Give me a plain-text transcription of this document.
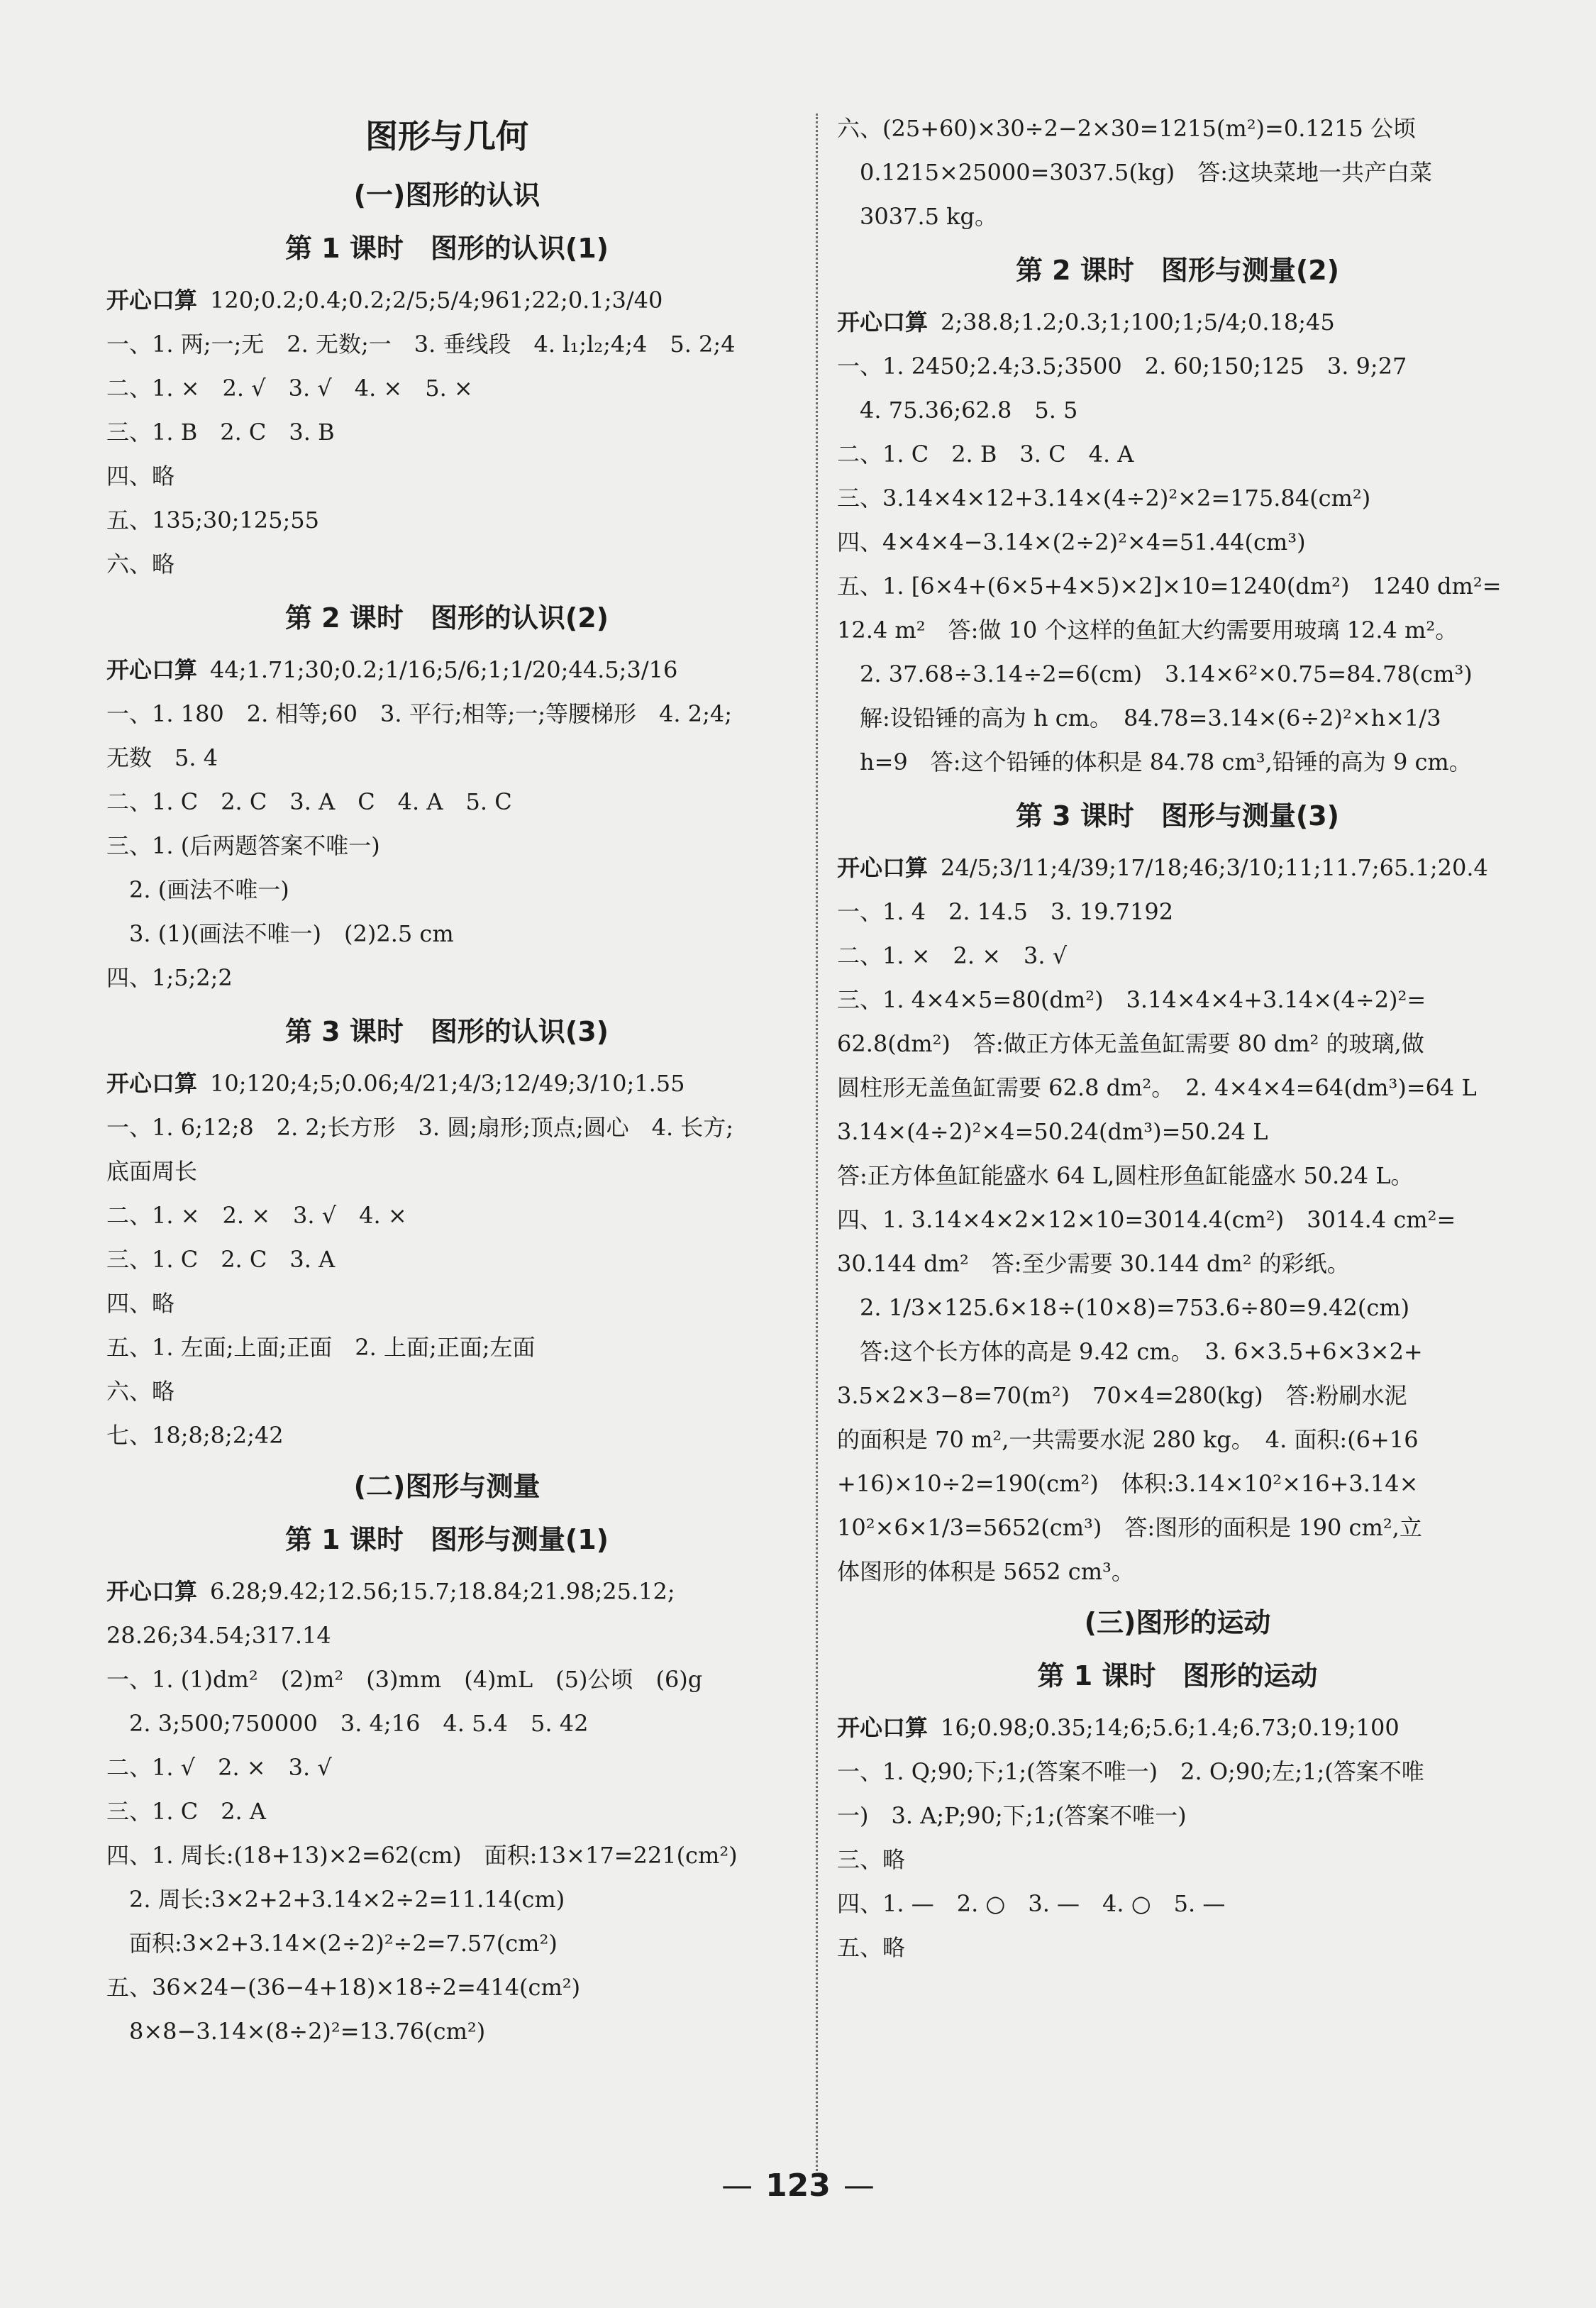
图形与几何
(一)图形的认识
第 1 课时　图形的认识(1)
开心口算 120;0.2;0.4;0.2;2/5;5/4;961;22;0.1;3/40
一、1. 两;一;无　2. 无数;一　3. 垂线段　4. l₁;l₂;4;4　5. 2;4
二、1. ×　2. √　3. √　4. ×　5. ×
三、1. B　2. C　3. B
四、略
五、135;30;125;55
六、略
第 2 课时　图形的认识(2)
开心口算 44;1.71;30;0.2;1/16;5/6;1;1/20;44.5;3/16
一、1. 180　2. 相等;60　3. 平行;相等;一;等腰梯形　4. 2;4;
无数　5. 4
二、1. C　2. C　3. A　C　4. A　5. C
三、1. (后两题答案不唯一)
　2. (画法不唯一)
　3. (1)(画法不唯一)　(2)2.5 cm
四、1;5;2;2
第 3 课时　图形的认识(3)
开心口算 10;120;4;5;0.06;4/21;4/3;12/49;3/10;1.55
一、1. 6;12;8　2. 2;长方形　3. 圆;扇形;顶点;圆心　4. 长方;
底面周长
二、1. ×　2. ×　3. √　4. ×
三、1. C　2. C　3. A
四、略
五、1. 左面;上面;正面　2. 上面;正面;左面
六、略
七、18;8;8;2;42
(二)图形与测量
第 1 课时　图形与测量(1)
开心口算 6.28;9.42;12.56;15.7;18.84;21.98;25.12;
28.26;34.54;317.14
一、1. (1)dm²　(2)m²　(3)mm　(4)mL　(5)公顷　(6)g
　2. 3;500;750000　3. 4;16　4. 5.4　5. 42
二、1. √　2. ×　3. √
三、1. C　2. A
四、1. 周长:(18+13)×2=62(cm)　面积:13×17=221(cm²)
　2. 周长:3×2+2+3.14×2÷2=11.14(cm)
　面积:3×2+3.14×(2÷2)²÷2=7.57(cm²)
五、36×24−(36−4+18)×18÷2=414(cm²)
　8×8−3.14×(8÷2)²=13.76(cm²)
六、(25+60)×30÷2−2×30=1215(m²)=0.1215 公顷
　0.1215×25000=3037.5(kg)　答:这块菜地一共产白菜
　3037.5 kg。
第 2 课时　图形与测量(2)
开心口算 2;38.8;1.2;0.3;1;100;1;5/4;0.18;45
一、1. 2450;2.4;3.5;3500　2. 60;150;125　3. 9;27
　4. 75.36;62.8　5. 5
二、1. C　2. B　3. C　4. A
三、3.14×4×12+3.14×(4÷2)²×2=175.84(cm²)
四、4×4×4−3.14×(2÷2)²×4=51.44(cm³)
五、1. [6×4+(6×5+4×5)×2]×10=1240(dm²)　1240 dm²=
12.4 m²　答:做 10 个这样的鱼缸大约需要用玻璃 12.4 m²。
　2. 37.68÷3.14÷2=6(cm)　3.14×6²×0.75=84.78(cm³)
　解:设铅锤的高为 h cm。　84.78=3.14×(6÷2)²×h×1/3
　h=9　答:这个铅锤的体积是 84.78 cm³,铅锤的高为 9 cm。
第 3 课时　图形与测量(3)
开心口算 24/5;3/11;4/39;17/18;46;3/10;11;11.7;65.1;20.4
一、1. 4　2. 14.5　3. 19.7192
二、1. ×　2. ×　3. √
三、1. 4×4×5=80(dm²)　3.14×4×4+3.14×(4÷2)²=
62.8(dm²)　答:做正方体无盖鱼缸需要 80 dm² 的玻璃,做
圆柱形无盖鱼缸需要 62.8 dm²。　2. 4×4×4=64(dm³)=64 L
3.14×(4÷2)²×4=50.24(dm³)=50.24 L
答:正方体鱼缸能盛水 64 L,圆柱形鱼缸能盛水 50.24 L。
四、1. 3.14×4×2×12×10=3014.4(cm²)　3014.4 cm²=
30.144 dm²　答:至少需要 30.144 dm² 的彩纸。
　2. 1/3×125.6×18÷(10×8)=753.6÷80=9.42(cm)
　答:这个长方体的高是 9.42 cm。　3. 6×3.5+6×3×2+
3.5×2×3−8=70(m²)　70×4=280(kg)　答:粉刷水泥
的面积是 70 m²,一共需要水泥 280 kg。　4. 面积:(6+16
+16)×10÷2=190(cm²)　体积:3.14×10²×16+3.14×
10²×6×1/3=5652(cm³)　答:图形的面积是 190 cm²,立
体图形的体积是 5652 cm³。
(三)图形的运动
第 1 课时　图形的运动
开心口算 16;0.98;0.35;14;6;5.6;1.4;6.73;0.19;100
一、1. Q;90;下;1;(答案不唯一)　2. O;90;左;1;(答案不唯
一)　3. A;P;90;下;1;(答案不唯一)
三、略
四、1. —　2. ○　3. —　4. ○　5. —
五、略
— 123 —
